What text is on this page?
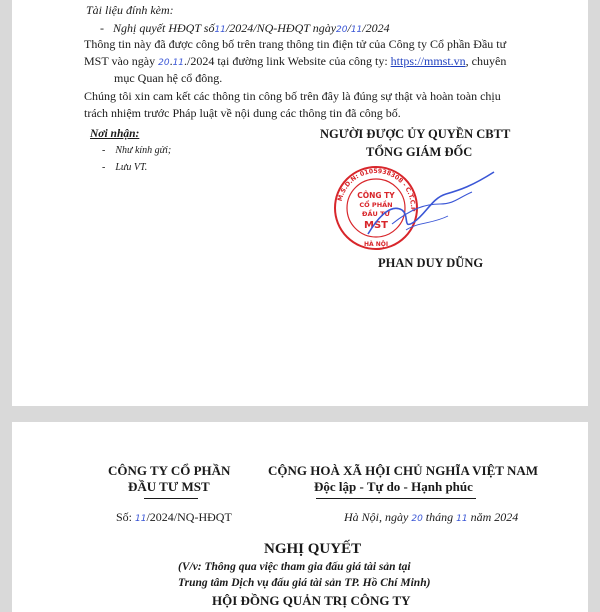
Tài liệu đính kèm:
- Nghị quyết HĐQT số11/2024/NQ-HĐQT ngày20/11/2024
Thông tin này đã được công bố trên trang thông tin điện tử của Công ty Cổ phần Đầu tư
MST vào ngày 20.11./2024 tại đường link Website của công ty: https://mmst.vn, chuyên
mục Quan hệ cổ đông.
Chúng tôi xin cam kết các thông tin công bố trên đây là đúng sự thật và hoàn toàn chịu
trách nhiệm trước Pháp luật về nội dung các thông tin đã công bố.
Nơi nhận:
-    Như kính gửi;
-    Lưu VT.
NGƯỜI ĐƯỢC ỦY QUYỀN CBTT
TỔNG GIÁM ĐỐC
M.S.D.N: 0105938308 - C.T.C.P
HÀ NỘI
CÔNG TY
CỔ PHẦN
ĐẦU TƯ
MST
PHAN DUY DŨNG
CÔNG TY CỔ PHẦN
ĐẦU TƯ MST
CỘNG HOÀ XÃ HỘI CHỦ NGHĨA VIỆT NAM
Độc lập - Tự do - Hạnh phúc
Số: 11/2024/NQ-HĐQT	Hà Nội, ngày 20 tháng 11 năm 2024
NGHỊ QUYẾT
(V/v: Thông qua việc tham gia đấu giá tài sản tại
Trung tâm Dịch vụ đấu giá tài sản TP. Hồ Chí Minh)
HỘI ĐỒNG QUẢN TRỊ CÔNG TY
